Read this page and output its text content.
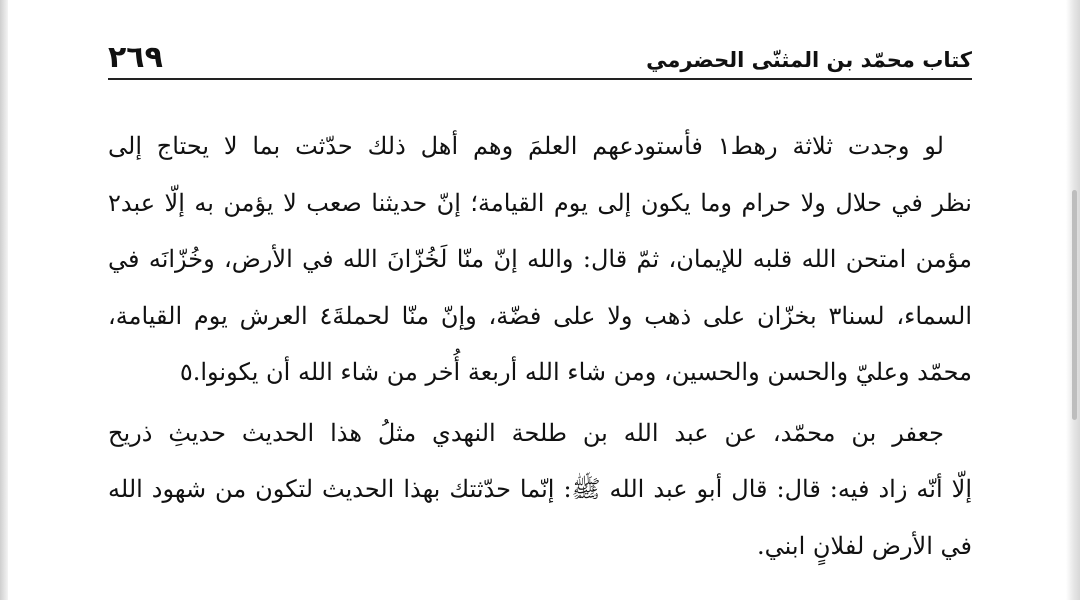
كتاب محمّد بن المثنّى الحضرمي
٢٦٩
لو وجدت ثلاثة رهط١ فأستودعهم العلمَ وهم أهل ذلك حدّثت بما لا يحتاج إلى
نظر في حلال ولا حرام وما يكون إلى يوم القيامة؛ إنّ حديثنا صعب لا يؤمن به إلّا عبد٢
مؤمن امتحن الله قلبه للإيمان، ثمّ قال: والله إنّ منّا لَخُزّانَ الله في الأرض، وخُزّانَه في
السماء، لسنا٣ بخزّان على ذهب ولا على فضّة، وإنّ منّا لحملةَ٤ العرش يوم القيامة،
محمّد وعليّ والحسن والحسين، ومن شاء الله أربعة أُخر من شاء الله أن يكونوا.٥
جعفر بن محمّد، عن عبد الله بن طلحة النهدي مثلُ هذا الحديث حديثِ ذريح
إلّا أنّه زاد فيه: قال: قال أبو عبد الله ﷺ: إنّما حدّثتك بهذا الحديث لتكون من شهود الله
في الأرض لفلانٍ ابني.
